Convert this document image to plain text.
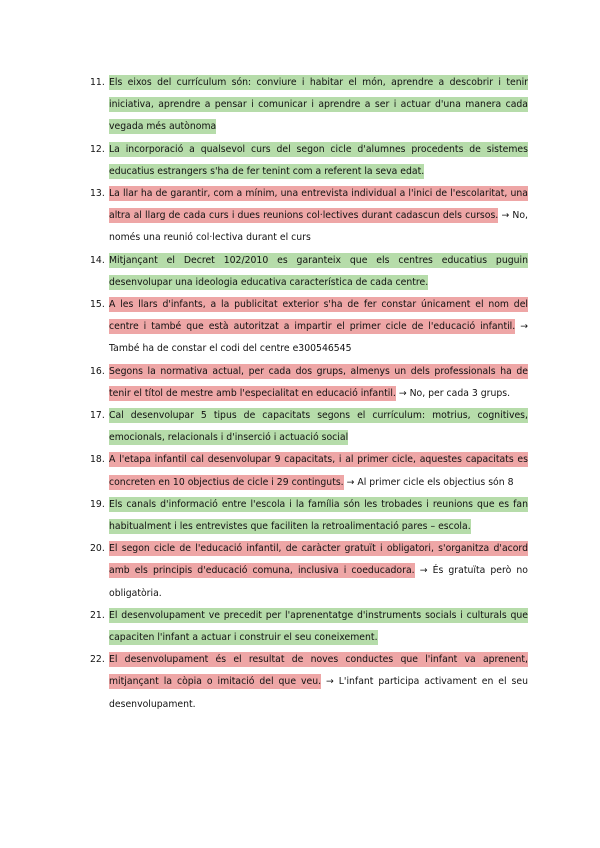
11. Els eixos del currículum són: conviure i habitar el món, aprendre a descobrir i tenir iniciativa, aprendre a pensar i comunicar i aprendre a ser i actuar d'una manera cada vegada més autònoma
12. La incorporació a qualsevol curs del segon cicle d'alumnes procedents de sistemes educatius estrangers s'ha de fer tenint com a referent la seva edat.
13. La llar ha de garantir, com a mínim, una entrevista individual a l'inici de l'escolaritat, una altra al llarg de cada curs i dues reunions col·lectives durant cadascun dels cursos. → No, només una reunió col·lectiva durant el curs
14. Mitjançant el Decret 102/2010 es garanteix que els centres educatius puguin desenvolupar una ideologia educativa característica de cada centre.
15. A les llars d'infants, a la publicitat exterior s'ha de fer constar únicament el nom del centre i també que està autoritzat a impartir el primer cicle de l'educació infantil. → També ha de constar el codi del centre e300546545
16. Segons la normativa actual, per cada dos grups, almenys un dels professionals ha de tenir el títol de mestre amb l'especialitat en educació infantil. → No, per cada 3 grups.
17. Cal desenvolupar 5 tipus de capacitats segons el currículum: motrius, cognitives, emocionals, relacionals i d'inserció i actuació social
18. A l'etapa infantil cal desenvolupar 9 capacitats, i al primer cicle, aquestes capacitats es concreten en 10 objectius de cicle i 29 continguts. → Al primer cicle els objectius són 8
19. Els canals d'informació entre l'escola i la família són les trobades i reunions que es fan habitualment i les entrevistes que faciliten la retroalimentació pares – escola.
20. El segon cicle de l'educació infantil, de caràcter gratuït i obligatori, s'organitza d'acord amb els principis d'educació comuna, inclusiva i coeducadora. → És gratuïta però no obligatòria.
21. El desenvolupament ve precedit per l'aprenentatge d'instruments socials i culturals que capaciten l'infant a actuar i construir el seu coneixement.
22. El desenvolupament és el resultat de noves conductes que l'infant va aprenent, mitjançant la còpia o imitació del que veu. → L'infant participa activament en el seu desenvolupament.
